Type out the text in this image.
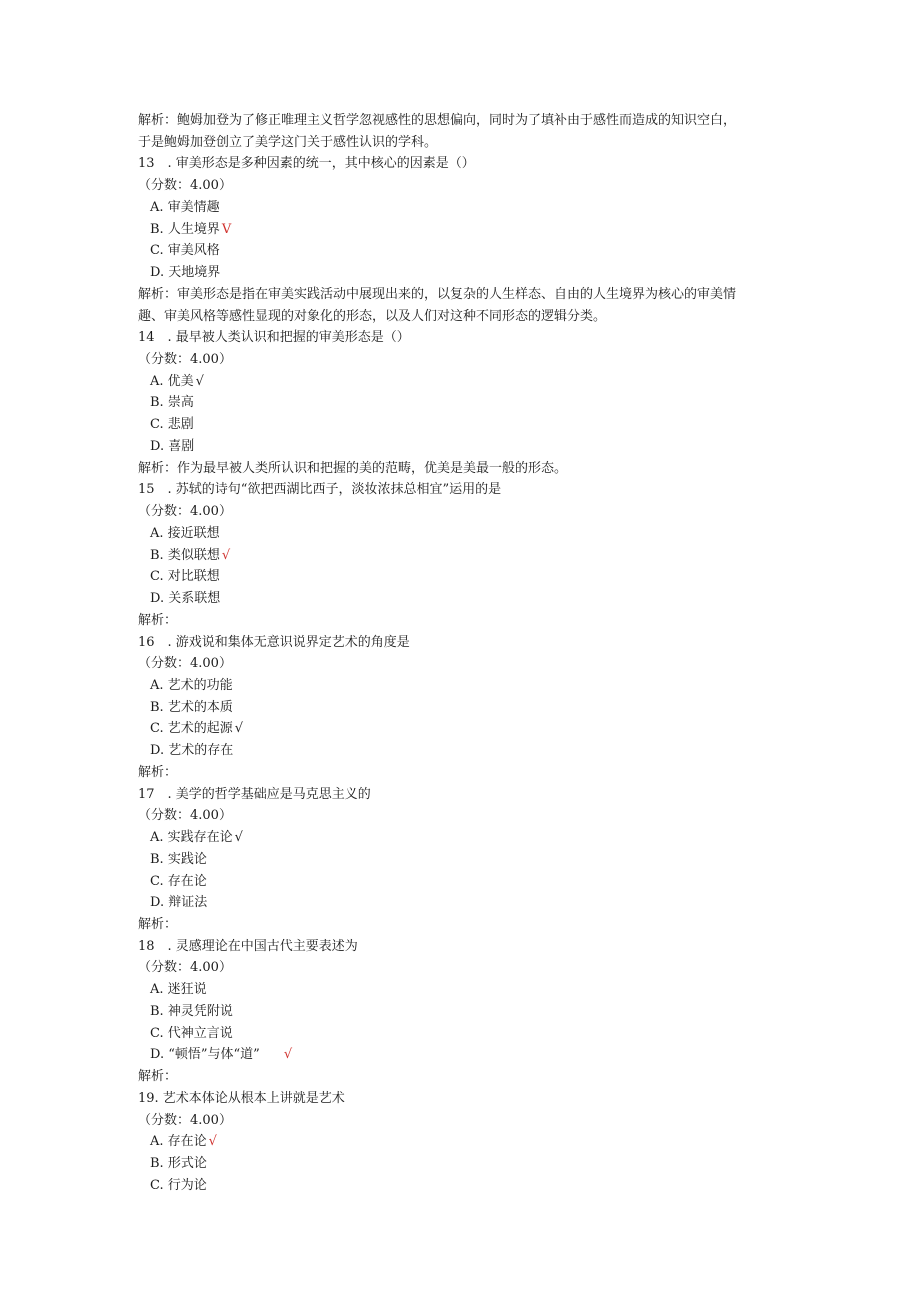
解析：鲍姆加登为了修正唯理主义哲学忽视感性的思想偏向，同时为了填补由于感性而造成的知识空白，
于是鲍姆加登创立了美学这门关于感性认识的学科。
13　. 审美形态是多种因素的统一，其中核心的因素是（）
（分数：4.00）
A. 审美情趣
B. 人生境界 V
C. 审美风格
D. 天地境界
解析：审美形态是指在审美实践活动中展现出来的，以复杂的人生样态、自由的人生境界为核心的审美情
趣、审美风格等感性显现的对象化的形态，以及人们对这种不同形态的逻辑分类。
14　. 最早被人类认识和把握的审美形态是（）
（分数：4.00）
A. 优美 √
B. 崇高
C. 悲剧
D. 喜剧
解析：作为最早被人类所认识和把握的美的范畴，优美是美最一般的形态。
15　. 苏轼的诗句“欲把西湖比西子，淡妆浓抹总相宜”运用的是
（分数：4.00）
A. 接近联想
B. 类似联想 √
C. 对比联想
D. 关系联想
解析：
16　. 游戏说和集体无意识说界定艺术的角度是
（分数：4.00）
A. 艺术的功能
B. 艺术的本质
C. 艺术的起源 √
D. 艺术的存在
解析：
17　. 美学的哲学基础应是马克思主义的
（分数：4.00）
A. 实践存在论 √
B. 实践论
C. 存在论
D. 辩证法
解析：
18　. 灵感理论在中国古代主要表述为
（分数：4.00）
A. 迷狂说
B. 神灵凭附说
C. 代神立言说
D. “顿悟”与体“道” √
解析：
19. 艺术本体论从根本上讲就是艺术
（分数：4.00）
A. 存在论 √
B. 形式论
C. 行为论
